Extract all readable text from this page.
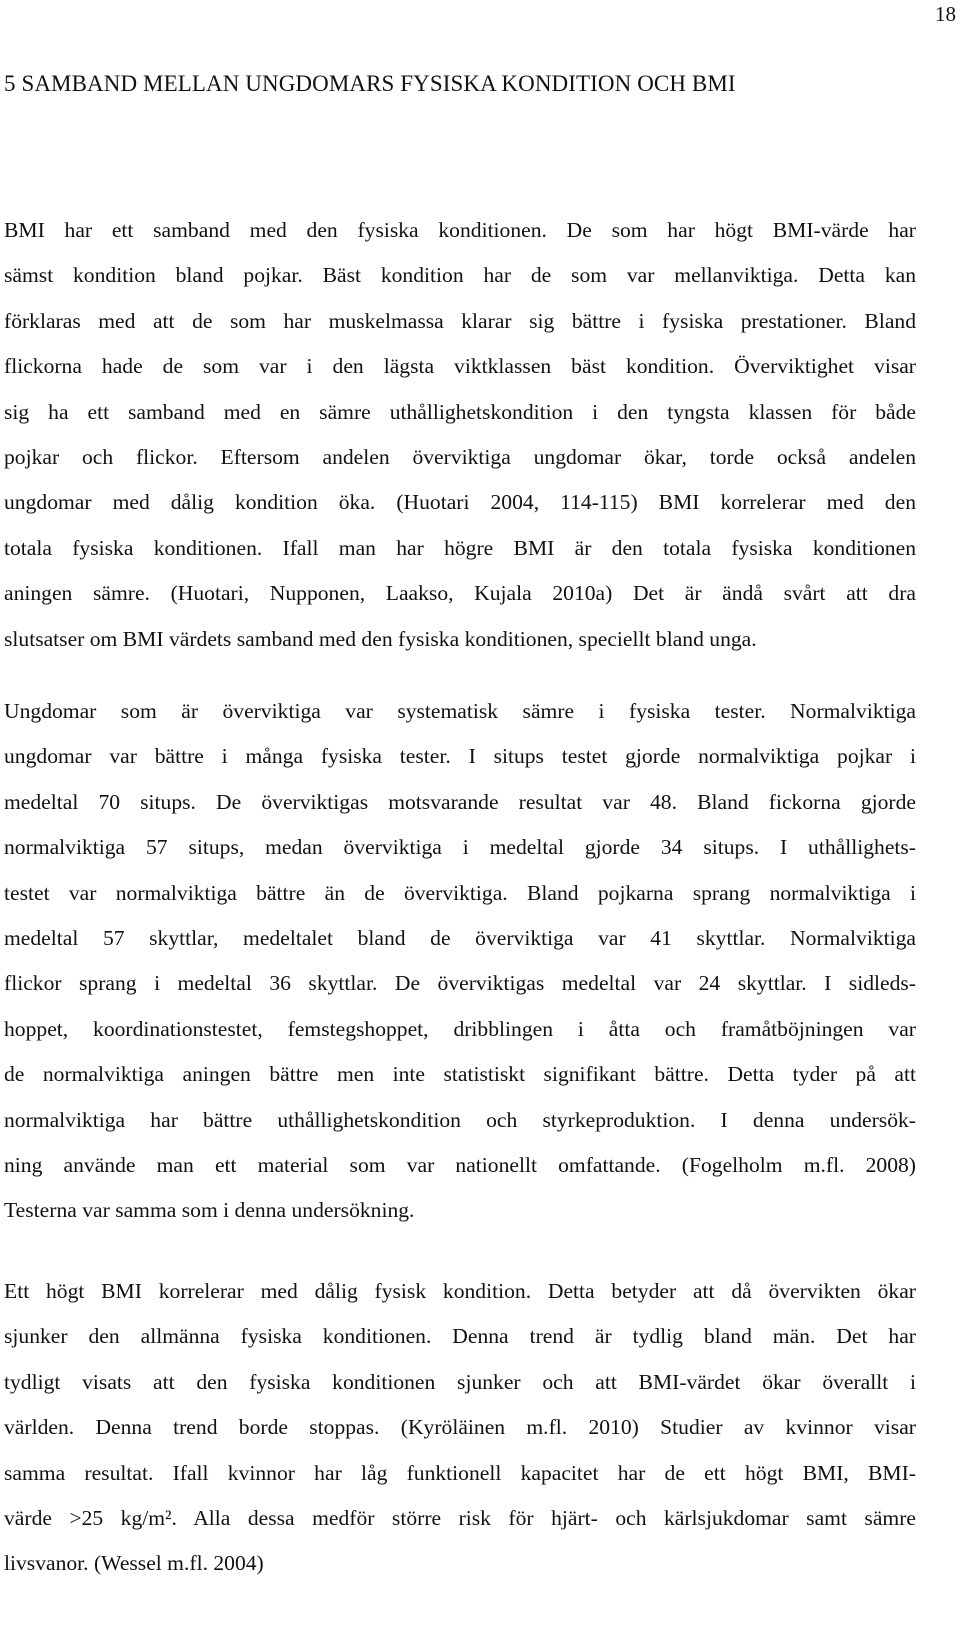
18
5 SAMBAND MELLAN UNGDOMARS FYSISKA KONDITION OCH BMI
BMI har ett samband med den fysiska konditionen. De som har högt BMI-värde har
sämst kondition bland pojkar. Bäst kondition har de som var mellanviktiga. Detta kan
förklaras med att de som har muskelmassa klarar sig bättre i fysiska prestationer. Bland
flickorna hade de som var i den lägsta viktklassen bäst kondition. Överviktighet visar
sig ha ett samband med en sämre uthållighetskondition i den tyngsta klassen för både
pojkar och flickor. Eftersom andelen överviktiga ungdomar ökar, torde också andelen
ungdomar med dålig kondition öka. (Huotari 2004, 114-115) BMI korrelerar med den
totala fysiska konditionen. Ifall man har högre BMI är den totala fysiska konditionen
aningen sämre. (Huotari, Nupponen, Laakso, Kujala 2010a) Det är ändå svårt att dra
slutsatser om BMI värdets samband med den fysiska konditionen, speciellt bland unga.
Ungdomar som är överviktiga var systematisk sämre i fysiska tester. Normalviktiga
ungdomar var bättre i många fysiska tester. I situps testet gjorde normalviktiga pojkar i
medeltal 70 situps. De överviktigas motsvarande resultat var 48. Bland fickorna gjorde
normalviktiga 57 situps, medan överviktiga i medeltal gjorde 34 situps. I uthållighets-
testet var normalviktiga bättre än de överviktiga. Bland pojkarna sprang normalviktiga i
medeltal 57 skyttlar, medeltalet bland de överviktiga var 41 skyttlar. Normalviktiga
flickor sprang i medeltal 36 skyttlar. De överviktigas medeltal var 24 skyttlar. I sidleds-
hoppet, koordinationstestet, femstegshoppet, dribblingen i åtta och framåtböjningen var
de normalviktiga aningen bättre men inte statistiskt signifikant bättre. Detta tyder på att
normalviktiga har bättre uthållighetskondition och styrkeproduktion. I denna undersök-
ning använde man ett material som var nationellt omfattande. (Fogelholm m.fl. 2008)
Testerna var samma som i denna undersökning.
Ett högt BMI korrelerar med dålig fysisk kondition. Detta betyder att då övervikten ökar
sjunker den allmänna fysiska konditionen. Denna trend är tydlig bland män. Det har
tydligt visats att den fysiska konditionen sjunker och att BMI-värdet ökar överallt i
världen. Denna trend borde stoppas. (Kyröläinen m.fl. 2010) Studier av kvinnor visar
samma resultat. Ifall kvinnor har låg funktionell kapacitet har de ett högt BMI, BMI-
värde >25 kg/m². Alla dessa medför större risk för hjärt- och kärlsjukdomar samt sämre
livsvanor. (Wessel m.fl. 2004)
